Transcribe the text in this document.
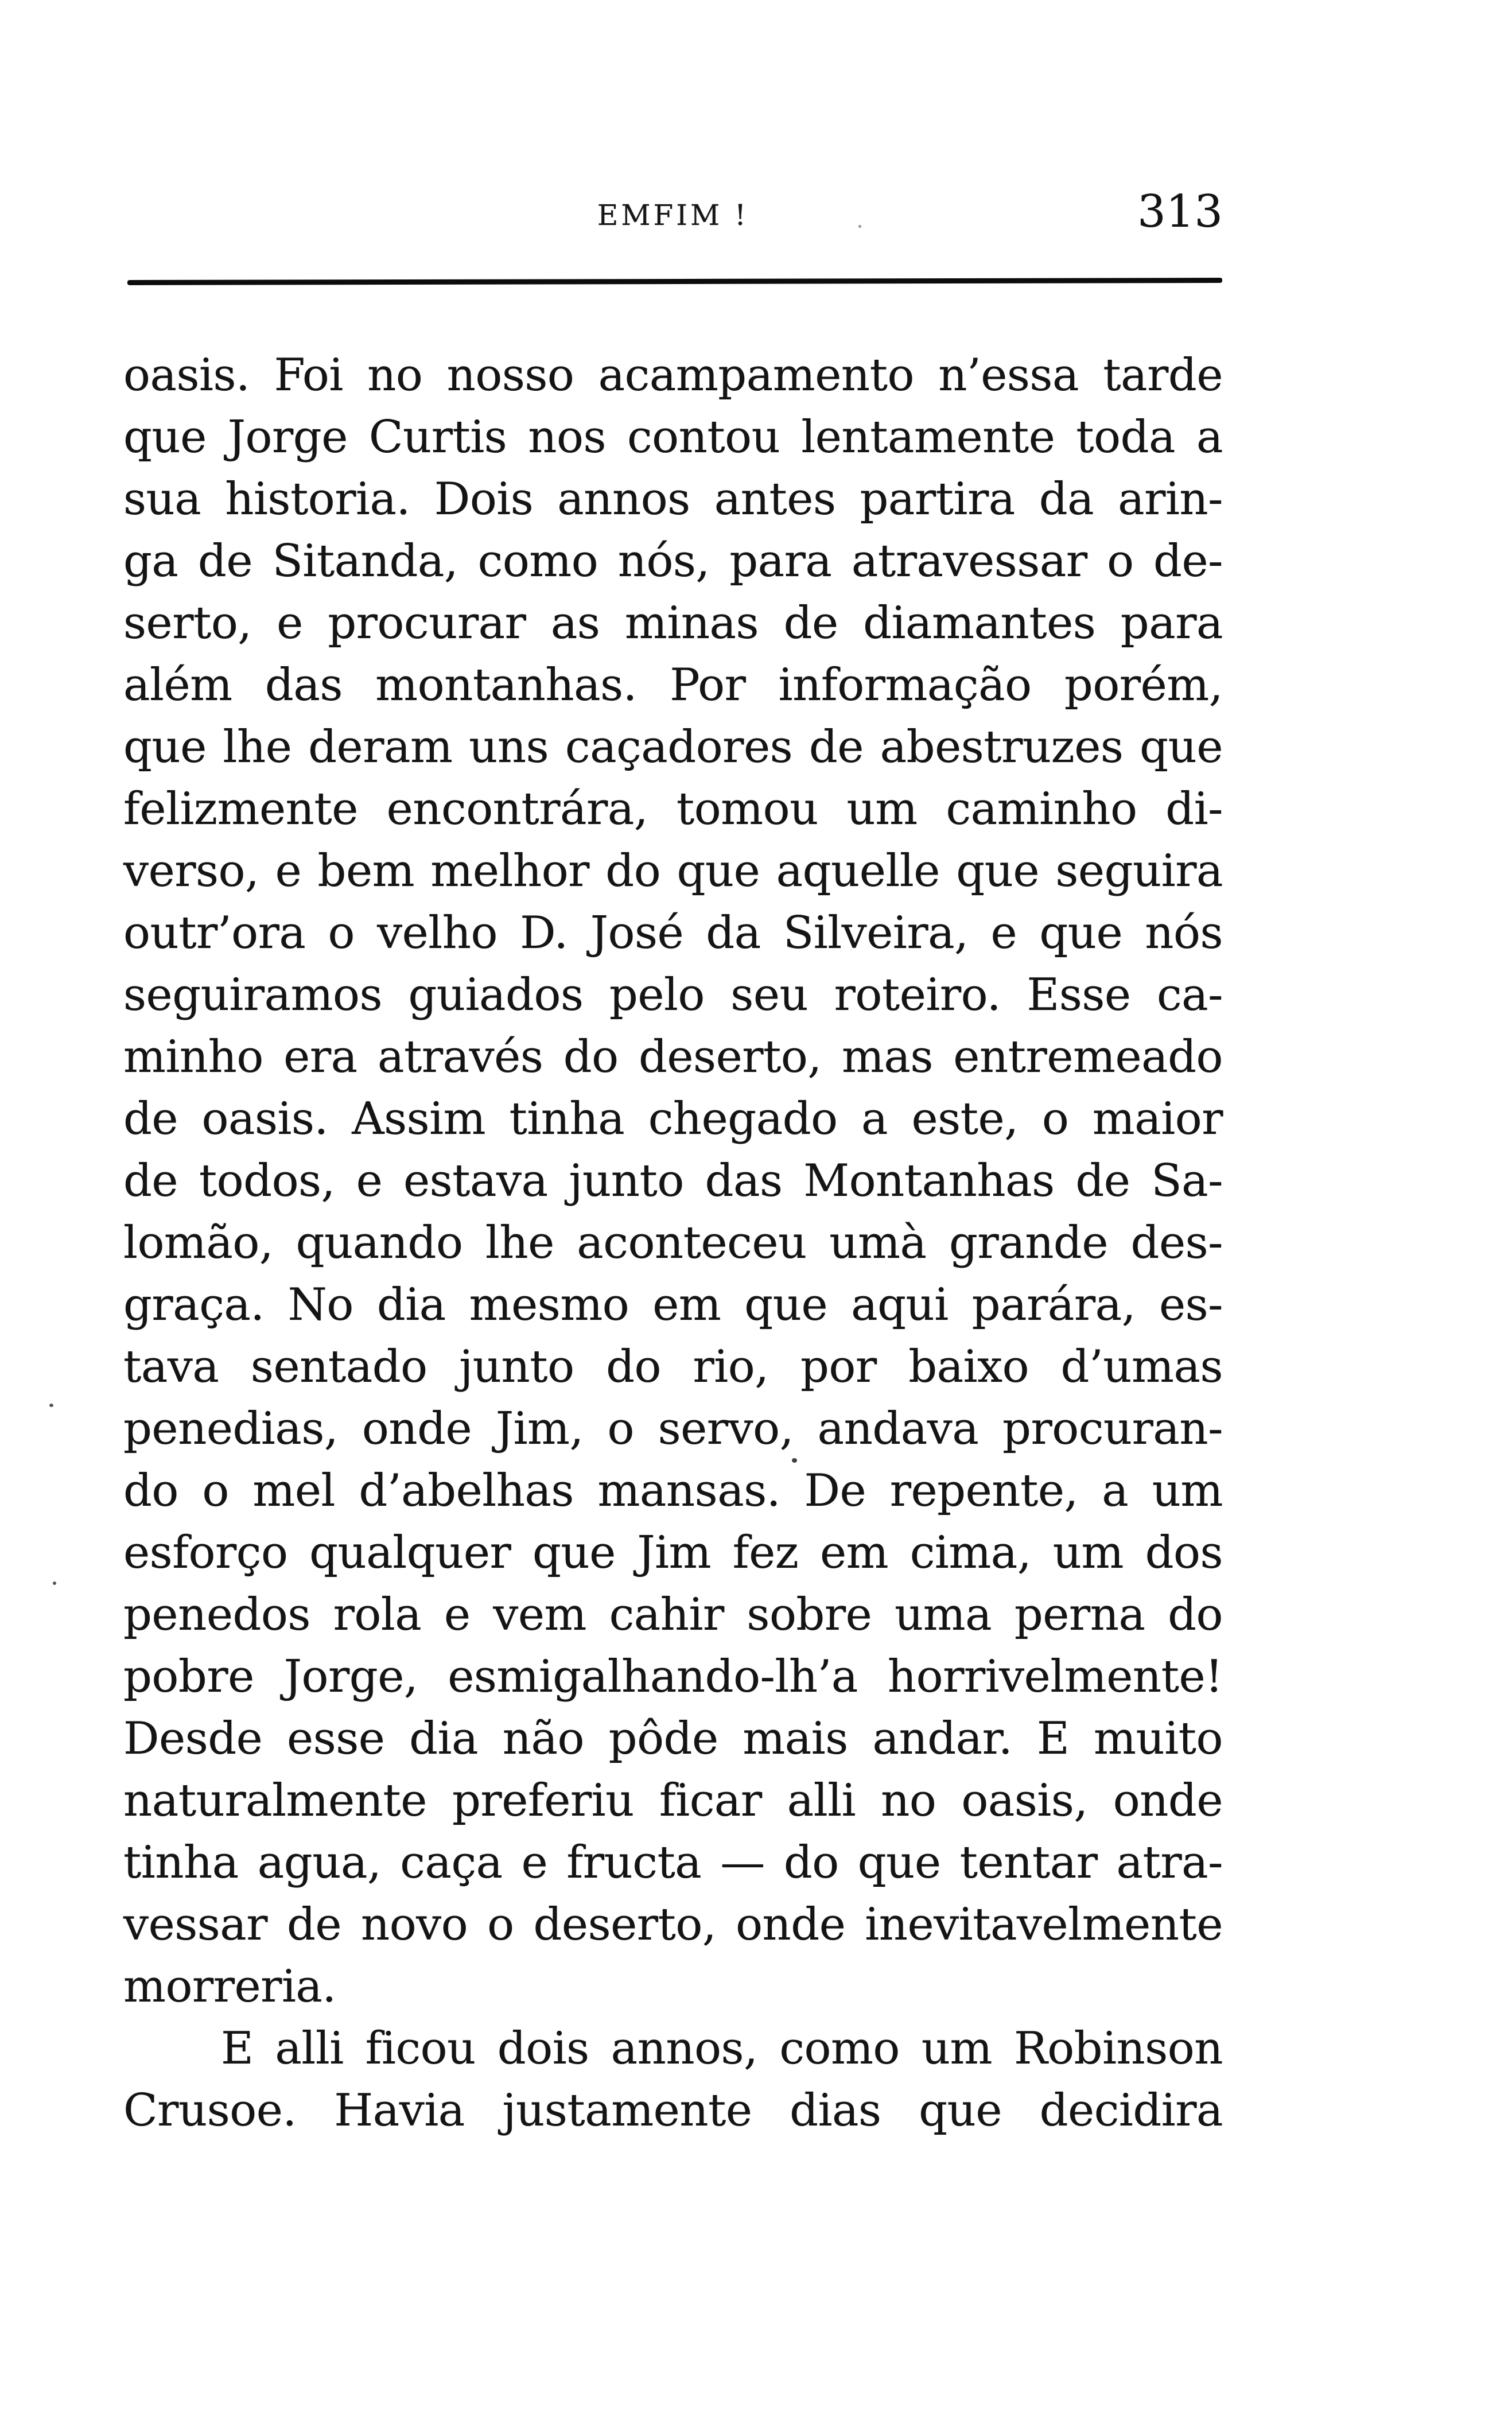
EMFIM !	313
oasis. Foi no nosso acampamento n’essa tarde
que Jorge Curtis nos contou lentamente toda a
sua historia. Dois annos antes partira da arin-
ga de Sitanda, como nós, para atravessar o de-
serto, e procurar as minas de diamantes para
além das montanhas. Por informação porém,
que lhe deram uns caçadores de abestruzes que
felizmente encontrára, tomou um caminho di-
verso, e bem melhor do que aquelle que seguira
outr’ora o velho D. José da Silveira, e que nós
seguiramos guiados pelo seu roteiro. Esse ca-
minho era através do deserto, mas entremeado
de oasis. Assim tinha chegado a este, o maior
de todos, e estava junto das Montanhas de Sa-
lomão, quando lhe aconteceu umà grande des-
graça. No dia mesmo em que aqui parára, es-
tava sentado junto do rio, por baixo d’umas
penedias, onde Jim, o servo, andava procuran-
do o mel d’abelhas mansas. De repente, a um
esforço qualquer que Jim fez em cima, um dos
penedos rola e vem cahir sobre uma perna do
pobre Jorge, esmigalhando-lh’a horrivelmente!
Desde esse dia não pôde mais andar. E muito
naturalmente preferiu ficar alli no oasis, onde
tinha agua, caça e fructa — do que tentar atra-
vessar de novo o deserto, onde inevitavelmente
morreria.
E alli ficou dois annos, como um Robinson
Crusoe. Havia justamente dias que decidira
